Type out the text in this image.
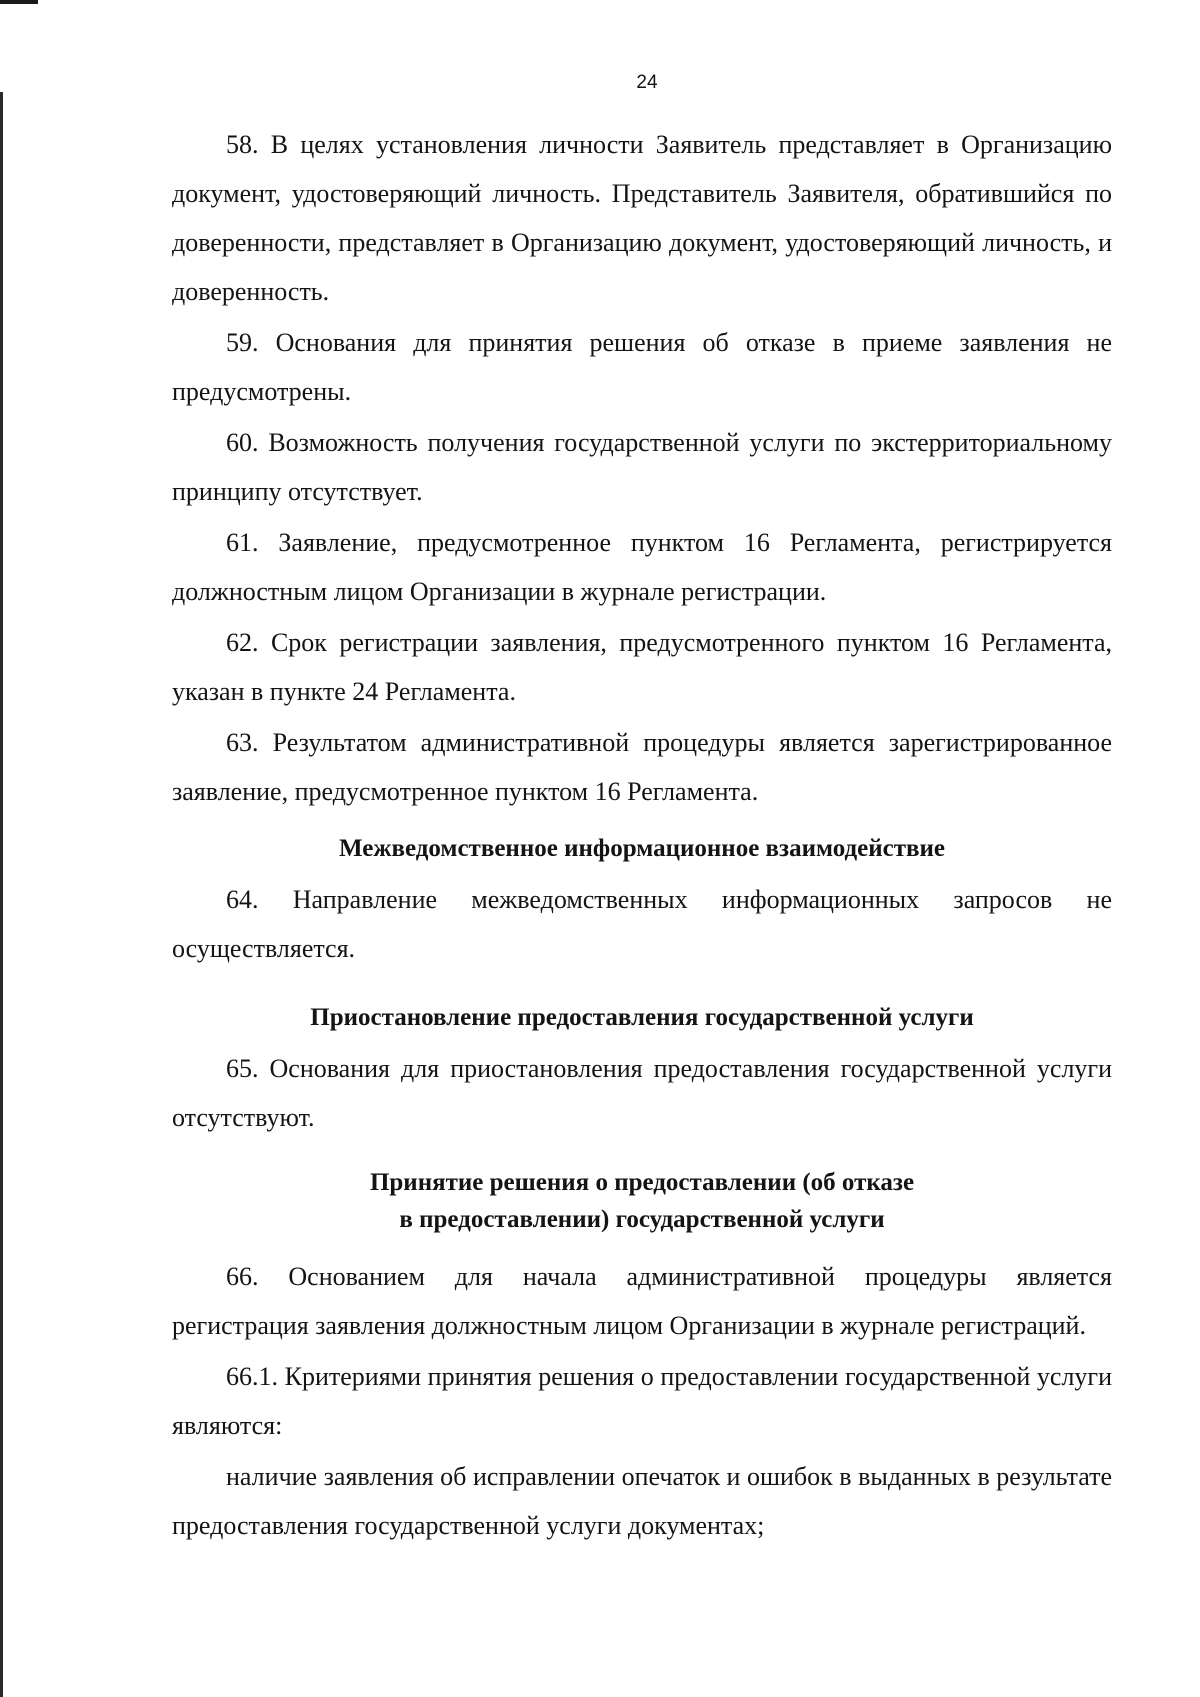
24

58. В целях установления личности Заявитель представляет в Организацию документ, удостоверяющий личность. Представитель Заявителя, обратившийся по доверенности, представляет в Организацию документ, удостоверяющий личность, и доверенность.

59. Основания для принятия решения об отказе в приеме заявления не предусмотрены.

60. Возможность получения государственной услуги по экстерриториальному принципу отсутствует.

61. Заявление, предусмотренное пунктом 16 Регламента, регистрируется должностным лицом Организации в журнале регистрации.

62. Срок регистрации заявления, предусмотренного пунктом 16 Регламента, указан в пункте 24 Регламента.

63. Результатом административной процедуры является зарегистрированное заявление, предусмотренное пунктом 16 Регламента.

Межведомственное информационное взаимодействие

64. Направление межведомственных информационных запросов не осуществляется.

Приостановление предоставления государственной услуги

65. Основания для приостановления предоставления государственной услуги отсутствуют.

Принятие решения о предоставлении (об отказе
в предоставлении) государственной услуги

66. Основанием для начала административной процедуры является регистрация заявления должностным лицом Организации в журнале регистраций.

66.1. Критериями принятия решения о предоставлении государственной услуги являются:

наличие заявления об исправлении опечаток и ошибок в выданных в результате предоставления государственной услуги документах;
